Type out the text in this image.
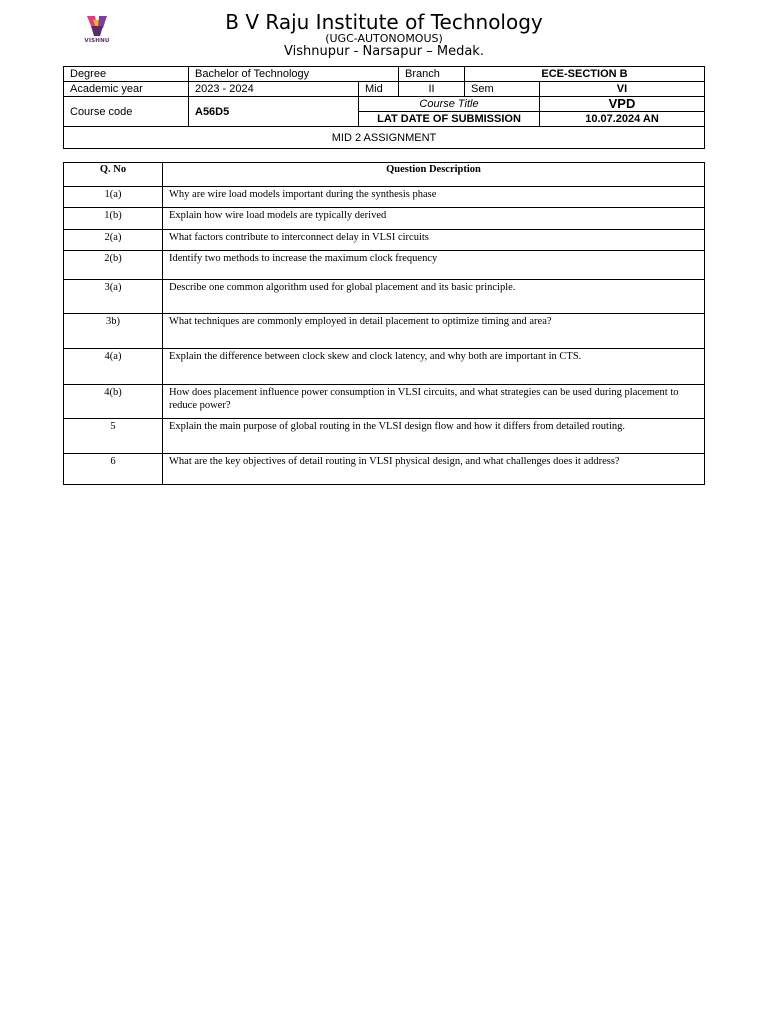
VISHNU
B V Raju Institute of Technology
(UGC-AUTONOMOUS)
Vishnupur - Narsapur – Medak.
Degree	Bachelor of Technology		Branch	ECE-SECTION B	
Academic year	2023 - 2024	Mid	II	Sem	VI
Course code	A56D5	Course Title			VPD
		LAT DATE OF SUBMISSION			10.07.2024 AN
MID 2 ASSIGNMENT					
Q. No	Question Description
1(a)	Why are wire load models important during the synthesis phase
1(b)	Explain how wire load models are typically derived
2(a)	What factors contribute to interconnect delay in VLSI circuits
2(b)	Identify two methods to increase the maximum clock frequency
3(a)	Describe one common algorithm used for global placement and its basic principle.
3b)	What techniques are commonly employed in detail placement to optimize timing and area?
4(a)	Explain the difference between clock skew and clock latency, and why both are important in CTS.
4(b)	How does placement influence power consumption in VLSI circuits, and what strategies can be used during placement to reduce power?
5	Explain the main purpose of global routing in the VLSI design flow and how it differs from detailed routing.
6	What are the key objectives of detail routing in VLSI physical design, and what challenges does it address?
